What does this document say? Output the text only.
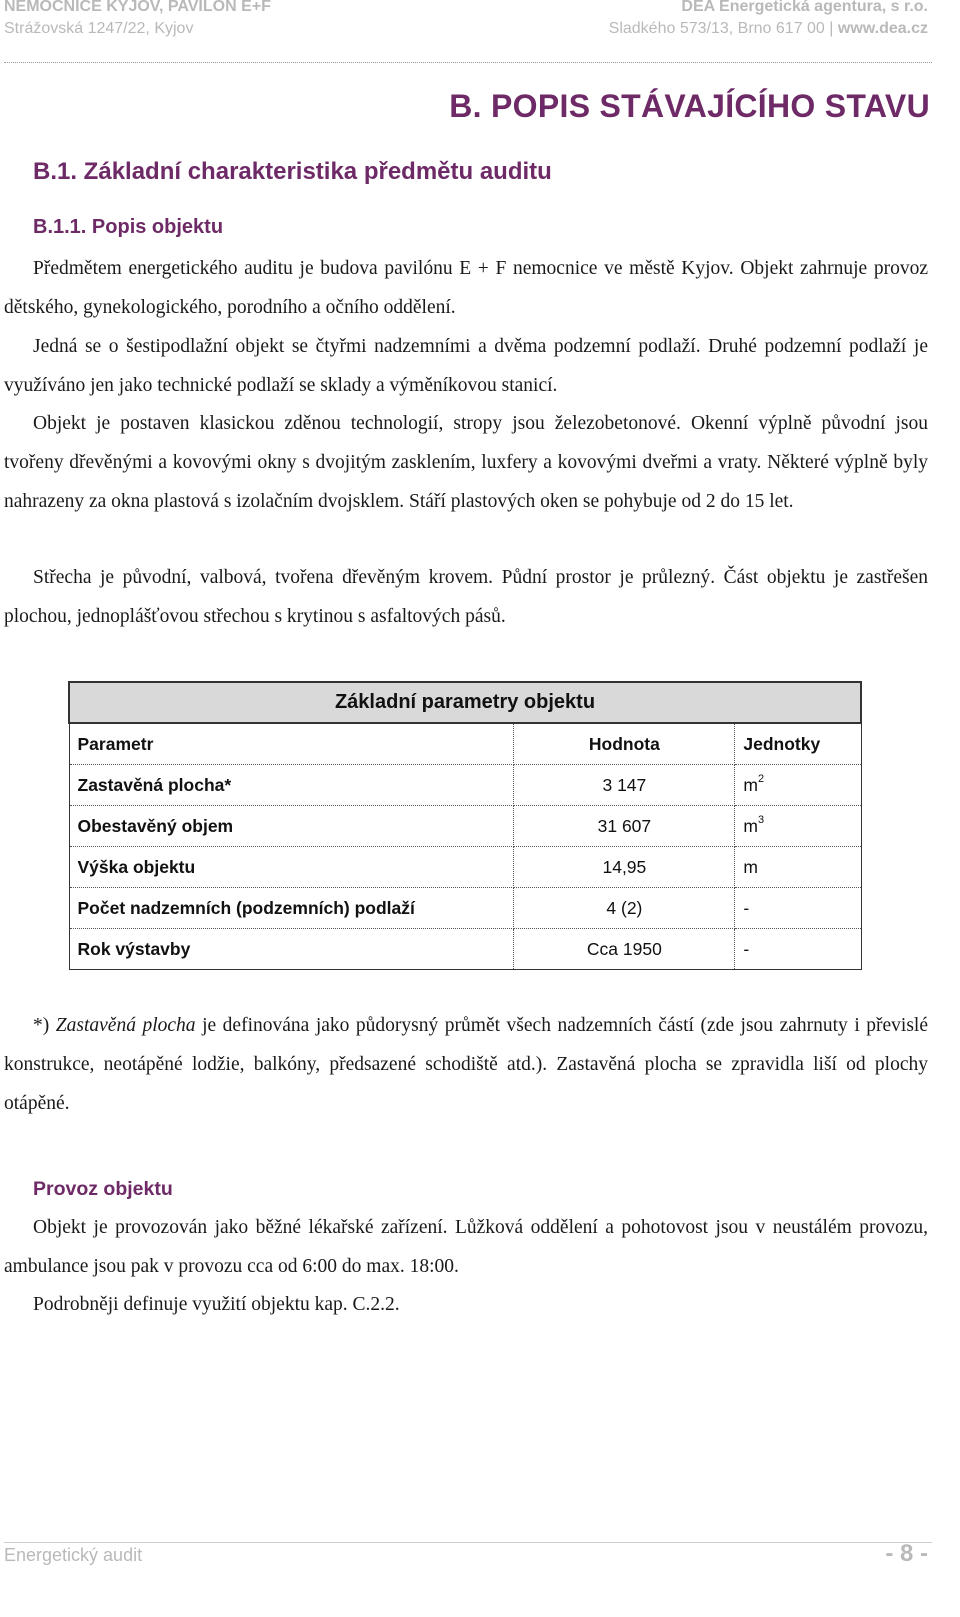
NEMOCNICE KYJOV, PAVILON E+F
Strážovská 1247/22, Kyjov
DEA Energetická agentura, s r.o.
Sladkého 573/13, Brno 617 00 | www.dea.cz
B. POPIS STÁVAJÍCÍHO STAVU
B.1. Základní charakteristika předmětu auditu
B.1.1. Popis objektu

Předmětem energetického auditu je budova pavilónu E + F nemocnice ve městě Kyjov. Objekt zahrnuje provoz dětského, gynekologického, porodního a očního oddělení.

Jedná se o šestipodlažní objekt se čtyřmi nadzemními a dvěma podzemní podlaží. Druhé podzemní podlaží je využíváno jen jako technické podlaží se sklady a výměníkovou stanicí.

Objekt je postaven klasickou zděnou technologií, stropy jsou železobetonové. Okenní výplně původní jsou tvořeny dřevěnými a kovovými okny s dvojitým zasklením, luxfery a kovovými dveřmi a vraty. Některé výplně byly nahrazeny za okna plastová s izolačním dvojsklem. Stáří plastových oken se pohybuje od 2 do 15 let.

Střecha je původní, valbová, tvořena dřevěným krovem. Půdní prostor je průlezný. Část objektu je zastřešen plochou, jednoplášťovou střechou s krytinou s asfaltových pásů.

Základní parametry objektu		
Parametr	Hodnota	Jednotky
Zastavěná plocha*	3 147	$m^2$
Obestavěný objem	31 607	$m^3$
Výška objektu	14,95	m
Počet nadzemních (podzemních) podlaží	4 (2)	-
Rok výstavby	Cca 1950	-

*) Zastavěná plocha je definována jako půdorysný průmět všech nadzemních částí (zde jsou zahrnuty i převislé konstrukce, neotápěné lodžie, balkóny, předsazené schodiště atd.). Zastavěná plocha se zpravidla liší od plochy otápěné.

Provoz objektu

Objekt je provozován jako běžné lékařské zařízení. Lůžková oddělení a pohotovost jsou v neustálém provozu, ambulance jsou pak v provozu cca od 6:00 do max. 18:00.

Podrobněji definuje využití objektu kap. C.2.2.

Energetický audit	- 8 -
